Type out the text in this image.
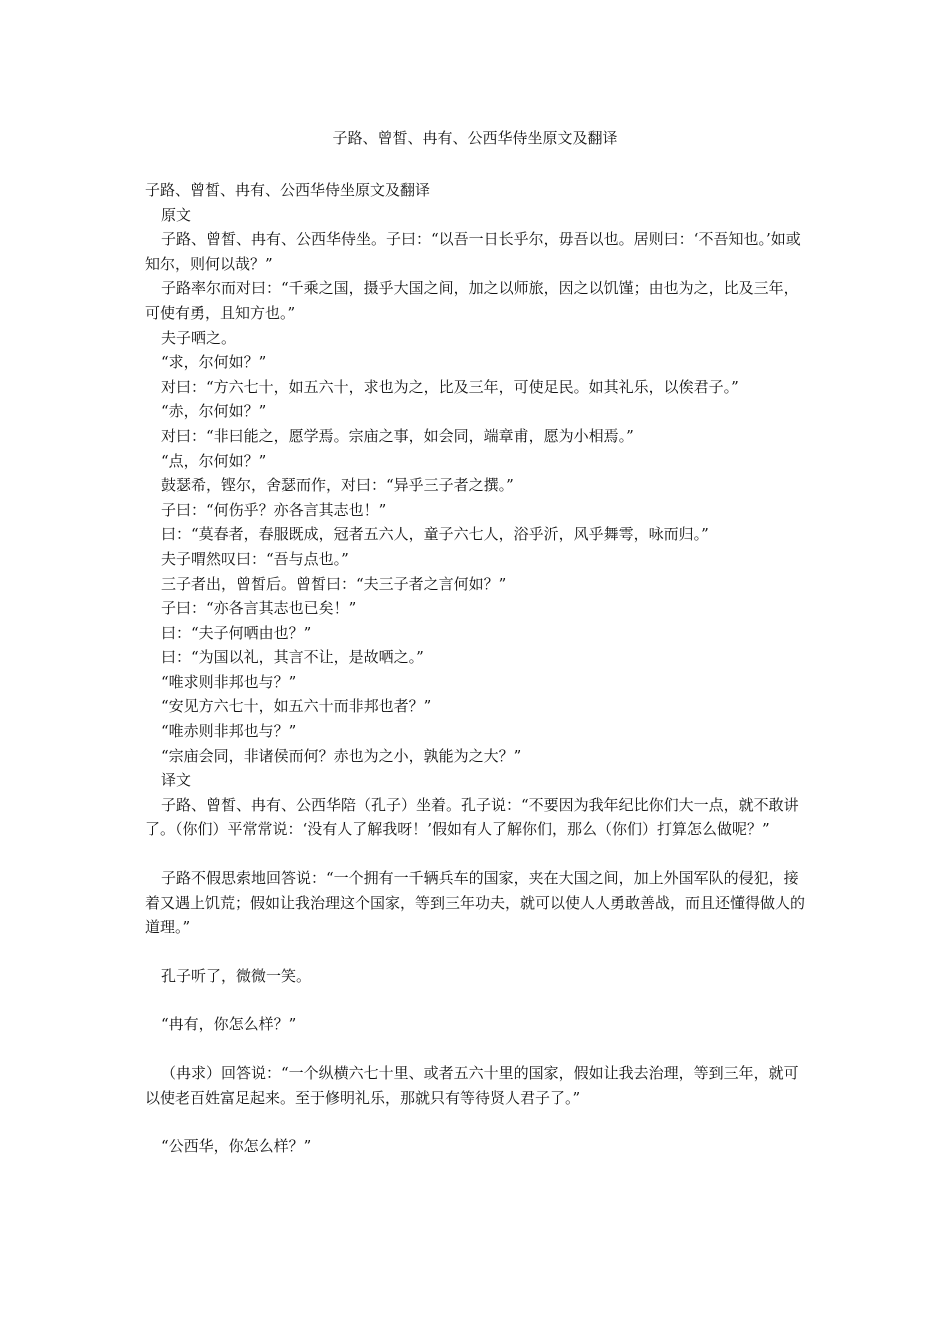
子路、曾皙、冉有、公西华侍坐原文及翻译

子路、曾皙、冉有、公西华侍坐原文及翻译

原文

子路、曾皙、冉有、公西华侍坐。子曰：“以吾一日长乎尔，毋吾以也。居则曰：‘不吾知也。’如或知尔，则何以哉？”

子路率尔而对曰：“千乘之国，摄乎大国之间，加之以师旅，因之以饥馑；由也为之，比及三年，可使有勇，且知方也。”

夫子哂之。

“求，尔何如？”

对曰：“方六七十，如五六十，求也为之，比及三年，可使足民。如其礼乐，以俟君子。”

“赤，尔何如？”

对曰：“非曰能之，愿学焉。宗庙之事，如会同，端章甫，愿为小相焉。”

“点，尔何如？”

鼓瑟希，铿尔，舍瑟而作，对曰：“异乎三子者之撰。”

子曰：“何伤乎？亦各言其志也！”

曰：“莫春者，春服既成，冠者五六人，童子六七人，浴乎沂，风乎舞雩，咏而归。”

夫子喟然叹曰：“吾与点也。”

三子者出，曾皙后。曾皙曰：“夫三子者之言何如？”

子曰：“亦各言其志也已矣！”

曰：“夫子何哂由也？”

曰：“为国以礼，其言不让，是故哂之。”

“唯求则非邦也与？”

“安见方六七十，如五六十而非邦也者？”

“唯赤则非邦也与？”

“宗庙会同，非诸侯而何？赤也为之小，孰能为之大？”

译文

子路、曾皙、冉有、公西华陪（孔子）坐着。孔子说：“不要因为我年纪比你们大一点，就不敢讲了。（你们）平常常说：‘没有人了解我呀！’假如有人了解你们，那么（你们）打算怎么做呢？”

子路不假思索地回答说：“一个拥有一千辆兵车的国家，夹在大国之间，加上外国军队的侵犯，接着又遇上饥荒；假如让我治理这个国家，等到三年功夫，就可以使人人勇敢善战，而且还懂得做人的道理。”

孔子听了，微微一笑。

“冉有，你怎么样？”

（冉求）回答说：“一个纵横六七十里、或者五六十里的国家，假如让我去治理，等到三年，就可以使老百姓富足起来。至于修明礼乐，那就只有等待贤人君子了。”

“公西华，你怎么样？”
